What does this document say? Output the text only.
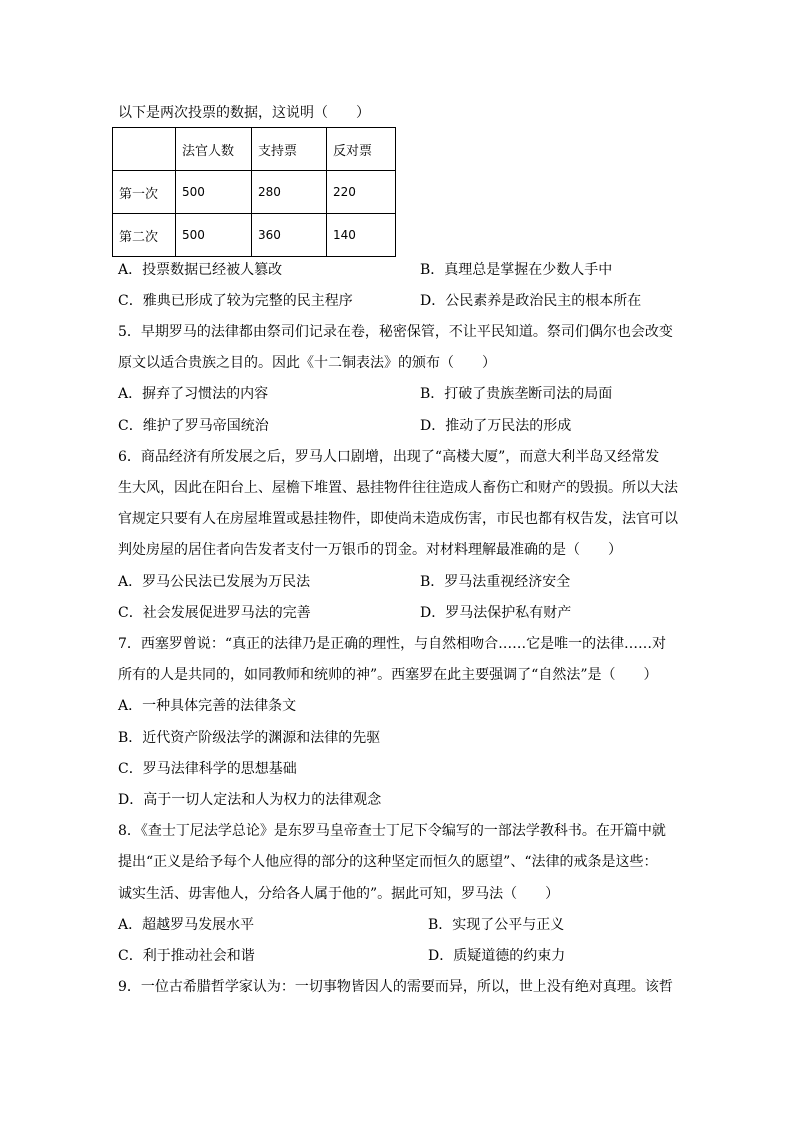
以下是两次投票的数据，这说明（　　）
	法官人数	支持票	反对票
第一次	500	280	220
第二次	500	360	140
A．投票数据已经被人篡改	B．真理总是掌握在少数人手中
C．雅典已形成了较为完整的民主程序	D．公民素养是政治民主的根本所在
5．早期罗马的法律都由祭司们记录在卷，秘密保管，不让平民知道。祭司们偶尔也会改变
原文以适合贵族之目的。因此《十二铜表法》的颁布（　　）
A．摒弃了习惯法的内容	B．打破了贵族垄断司法的局面
C．维护了罗马帝国统治	D．推动了万民法的形成
6．商品经济有所发展之后，罗马人口剧增，出现了“高楼大厦”，而意大利半岛又经常发
生大风，因此在阳台上、屋檐下堆置、悬挂物件往往造成人畜伤亡和财产的毁损。所以大法
官规定只要有人在房屋堆置或悬挂物件，即使尚未造成伤害，市民也都有权告发，法官可以
判处房屋的居住者向告发者支付一万银币的罚金。对材料理解最准确的是（　　）
A．罗马公民法已发展为万民法	B．罗马法重视经济安全
C．社会发展促进罗马法的完善	D．罗马法保护私有财产
7．西塞罗曾说：“真正的法律乃是正确的理性，与自然相吻合……它是唯一的法律……对
所有的人是共同的，如同教师和统帅的神”。西塞罗在此主要强调了“自然法”是（　　）
A．一种具体完善的法律条文
B．近代资产阶级法学的渊源和法律的先驱
C．罗马法律科学的思想基础
D．高于一切人定法和人为权力的法律观念
8．《查士丁尼法学总论》是东罗马皇帝查士丁尼下令编写的一部法学教科书。在开篇中就
提出“正义是给予每个人他应得的部分的这种坚定而恒久的愿望”、“法律的戒条是这些：
诚实生活、毋害他人，分给各人属于他的”。据此可知，罗马法（　　）
A．超越罗马发展水平	B．实现了公平与正义
C．利于推动社会和谐	D．质疑道德的约束力
9．一位古希腊哲学家认为：一切事物皆因人的需要而异，所以，世上没有绝对真理。该哲
